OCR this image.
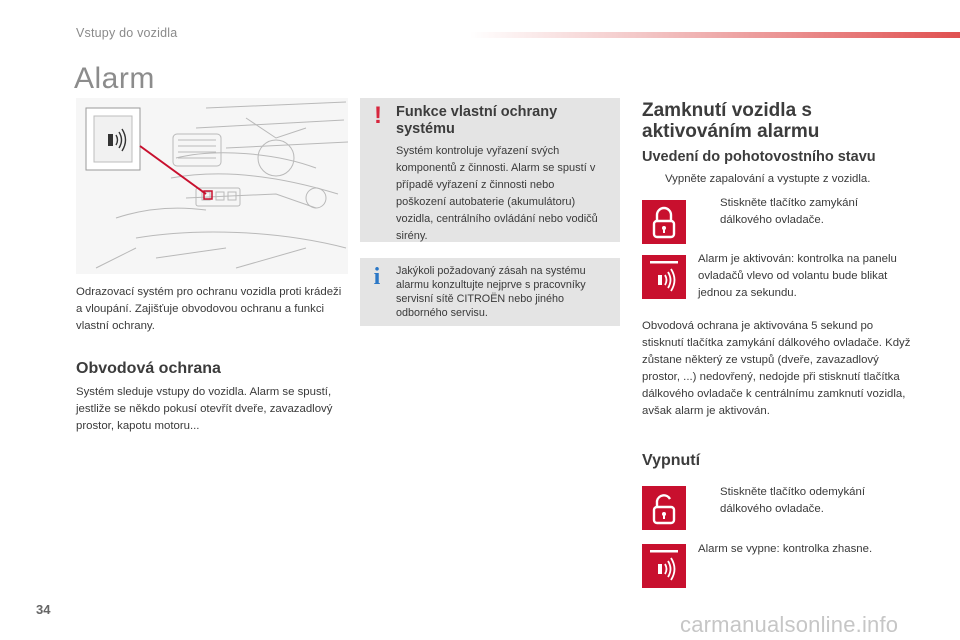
Vstupy do vozidla
Alarm
Odrazovací systém pro ochranu vozidla proti krádeži a vloupání. Zajišťuje obvodovou ochranu a funkci vlastní ochrany.
Obvodová ochrana
Systém sleduje vstupy do vozidla. Alarm se spustí, jestliže se někdo pokusí otevřít dveře, zavazadlový prostor, kapotu motoru...
! Funkce vlastní ochrany systému
Systém kontroluje vyřazení svých komponentů z činnosti. Alarm se spustí v případě vyřazení z činnosti nebo poškození autobaterie (akumulátoru) vozidla, centrálního ovládání nebo vodičů sirény.
i	Jakýkoli požadovaný zásah na systému alarmu konzultujte nejprve s pracovníky servisní sítě CITROËN nebo jiného odborného servisu.
Zamknutí vozidla s aktivováním alarmu
Uvedení do pohotovostního stavu
Vypněte zapalování a vystupte z vozidla.
Stiskněte tlačítko zamykání dálkového ovladače.
Alarm je aktivován: kontrolka na panelu ovladačů vlevo od volantu bude blikat jednou za sekundu.
Obvodová ochrana je aktivována 5 sekund po stisknutí tlačítka zamykání dálkového ovladače. Když zůstane některý ze vstupů (dveře, zavazadlový prostor, ...) nedovřený, nedojde při stisknutí tlačítka dálkového ovladače k centrálnímu zamknutí vozidla, avšak alarm je aktivován.
Vypnutí
Stiskněte tlačítko odemykání dálkového ovladače.
Alarm se vypne: kontrolka zhasne.
34
carmanualsonline.info
